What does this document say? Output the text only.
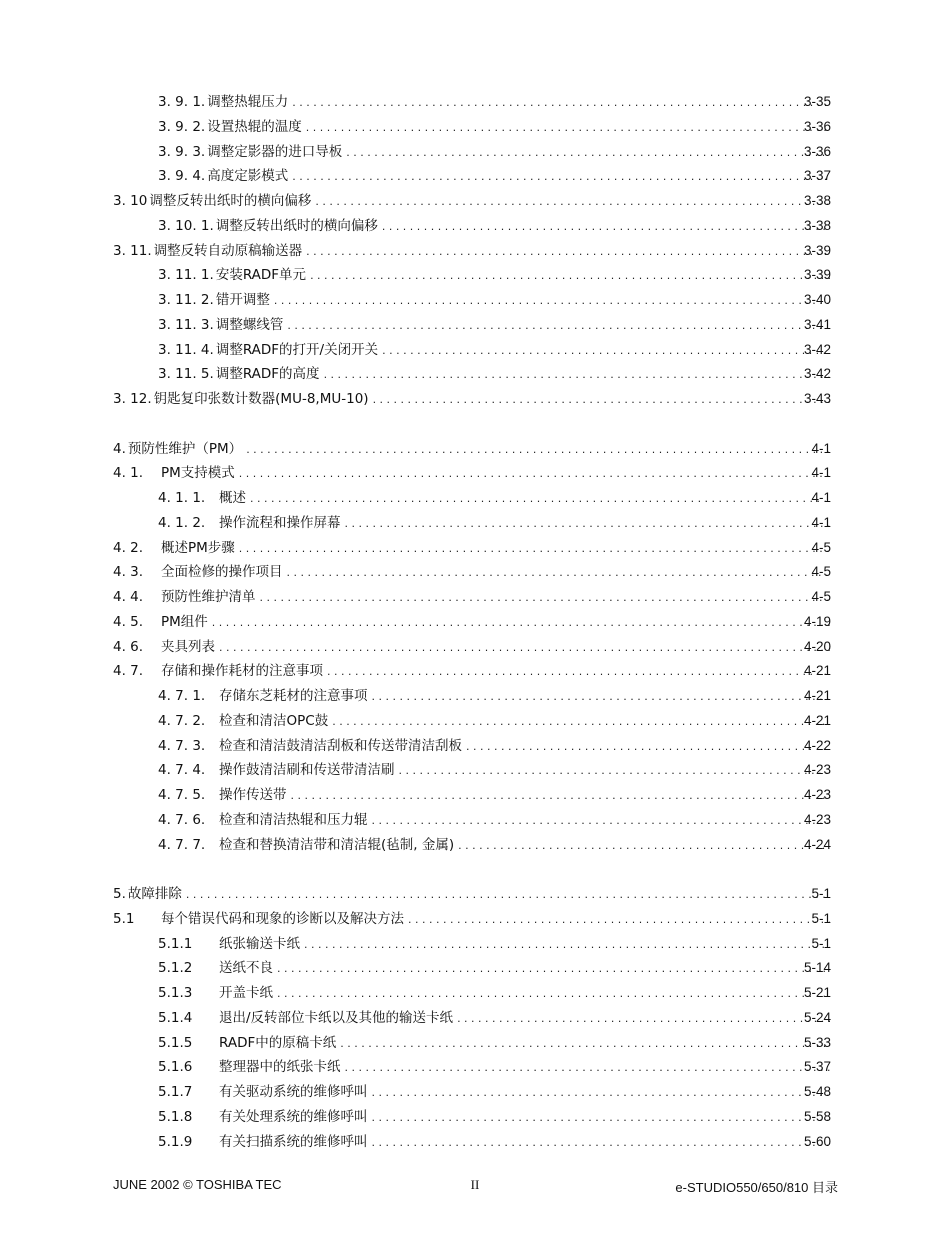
3. 9. 1. 调整热辊压力 . . .	3-35
3. 9. 2. 设置热辊的温度 . . .	3-36
3. 9. 3. 调整定影器的进口导板 . . .	3-36
3. 9. 4. 高度定影模式 . . .	3-37
3. 10 调整反转出纸时的横向偏移 . . .	3-38
3. 10. 1. 调整反转出纸时的横向偏移 . . .	3-38
3. 11. 调整反转自动原稿输送器 . . .	3-39
3. 11. 1. 安装RADF单元 . . .	3-39
3. 11. 2. 错开调整 . . .	3-40
3. 11. 3. 调整螺线管 . . .	3-41
3. 11. 4. 调整RADF的打开/关闭开关 . . .	3-42
3. 11. 5. 调整RADF的高度 . . .	3-42
3. 12. 钥匙复印张数计数器(MU-8,MU-10) . . .	3-43
4. 预防性维护（PM） . . .	4-1
4. 1.	PM支持模式 . . .	4-1
4. 1. 1.	概述 . . .	4-1
4. 1. 2.	操作流程和操作屏幕 . . .	4-1
4. 2.	概述PM步骤 . . .	4-5
4. 3.	全面检修的操作项目 . . .	4-5
4. 4.	预防性维护清单 . . .	4-5
4. 5.	PM组件 . . .	4-19
4. 6.	夹具列表 . . .	4-20
4. 7.	存储和操作耗材的注意事项 . . .	4-21
4. 7. 1.	存储东芝耗材的注意事项 . . .	4-21
4. 7. 2.	检查和清洁OPC鼓 . . .	4-21
4. 7. 3.	检查和清洁鼓清洁刮板和传送带清洁刮板 . . .	4-22
4. 7. 4.	操作鼓清洁刷和传送带清洁刷 . . .	4-23
4. 7. 5.	操作传送带 . . .	4-23
4. 7. 6.	检查和清洁热辊和压力辊 . . .	4-23
4. 7. 7.	检查和替换清洁带和清洁辊(毡制, 金属) . . .	4-24
5. 故障排除 . . .	5-1
5.1	每个错误代码和现象的诊断以及解决方法 . . .	5-1
5.1.1	纸张输送卡纸 . . .	5-1
5.1.2	送纸不良 . . .	5-14
5.1.3	开盖卡纸 . . .	5-21
5.1.4	退出/反转部位卡纸以及其他的输送卡纸 . . .	5-24
5.1.5	RADF中的原稿卡纸 . . .	5-33
5.1.6	整理器中的纸张卡纸 . . .	5-37
5.1.7	有关驱动系统的维修呼叫 . . .	5-48
5.1.8	有关处理系统的维修呼叫 . . .	5-58
5.1.9	有关扫描系统的维修呼叫 . . .	5-60
JUNE 2002 © TOSHIBA TEC	II	e-STUDIO550/650/810 目录
